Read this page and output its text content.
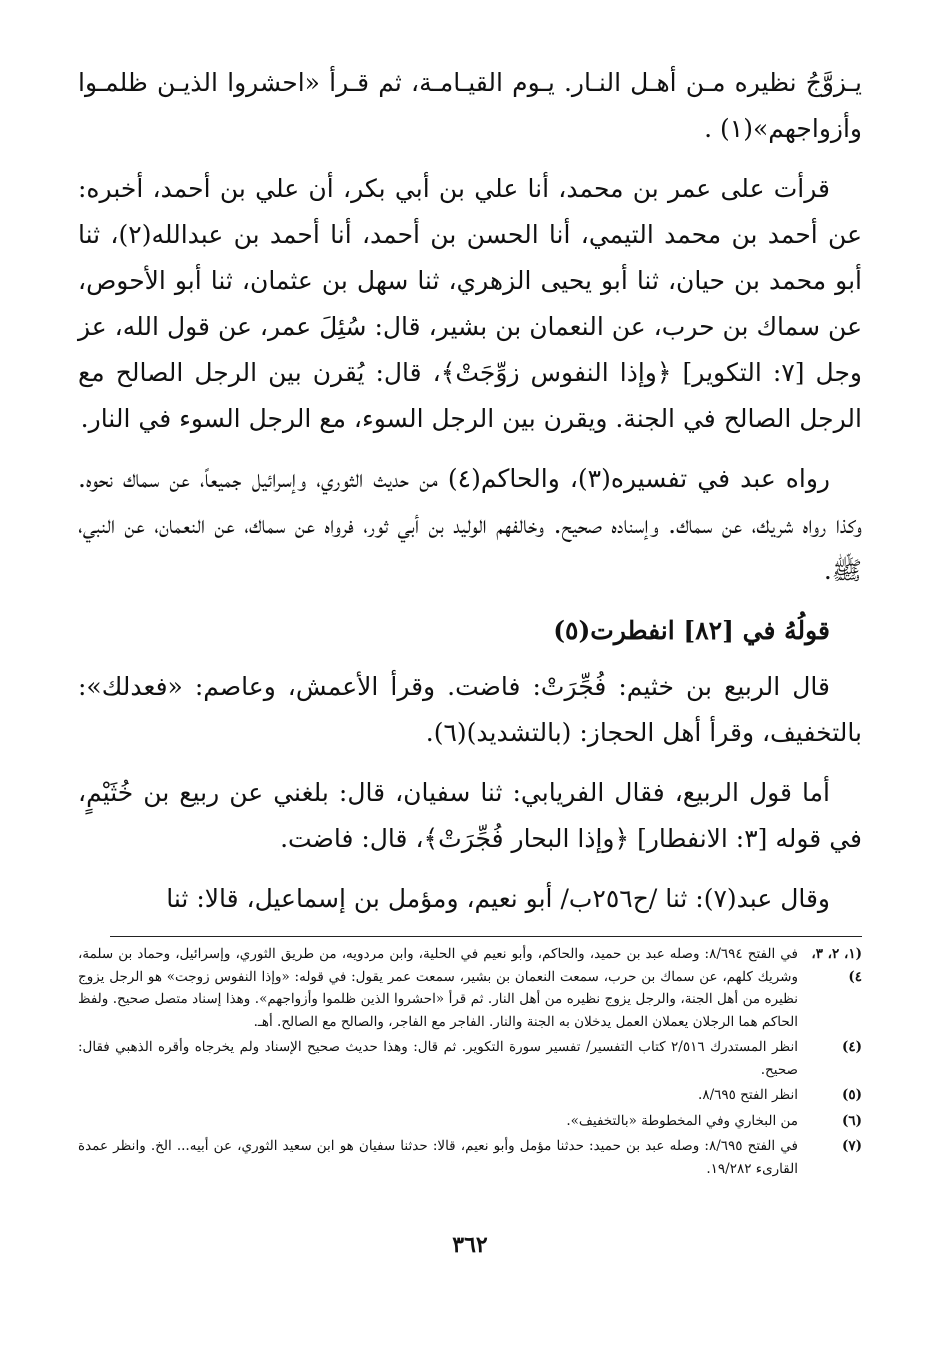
يـزوَّجُ نظيره مـن أهـل النـار. يـوم القيـامـة، ثم قـرأ «احشروا الذيـن ظلمـوا وأزواجهم»(١) .

قرأت على عمر بن محمد، أنا علي بن أبي بكر، أن علي بن أحمد، أخبره: عن أحمد بن محمد التيمي، أنا الحسن بن أحمد، أنا أحمد بن عبدالله(٢)، ثنا أبو محمد بن حيان، ثنا أبو يحيى الزهري، ثنا سهل بن عثمان، ثنا أبو الأحوص، عن سماك بن حرب، عن النعمان بن بشير، قال: سُئِلَ عمر، عن قول الله، عز وجل [٧: التكوير] ﴿وإذا النفوس زوِّجَتْ﴾، قال: يُقرن بين الرجل الصالح مع الرجل الصالح في الجنة. ويقرن بين الرجل السوء، مع الرجل السوء في النار.

رواه عبد في تفسيره(٣)، والحاكم(٤) من حديث الثوري، وإسرائيل جميعاً، عن سماك نحوه. وكذا رواه شريك، عن سماك. وإسناده صحيح. وخالفهم الوليد بن أبي ثور، فرواه عن سماك، عن النعمان، عن النبي، ﷺ.

قولُهُ في [٨٢] انفطرت(٥)

قال الربيع بن خثيم: فُجِّرَتْ: فاضت. وقرأ الأعمش، وعاصم: «فعدلك»: بالتخفيف، وقرأ أهل الحجاز: (بالتشديد)(٦).

أما قول الربيع، فقال الفريابي: ثنا سفيان، قال: بلغني عن ربيع بن خُثَيْمٍ، في قوله [٣: الانفطار] ﴿وإذا البحار فُجِّرَتْ﴾، قال: فاضت.

وقال عبد(٧): ثنا /ح٢٥٦ب/ أبو نعيم، ومؤمل بن إسماعيل، قالا: ثنا

(١، ٢، ٣، ٤)
في الفتح ٨/٦٩٤: وصله عبد بن حميد، والحاكم، وأبو نعيم في الحلية، وابن مردويه، من طريق الثوري، وإسرائيل، وحماد بن سلمة، وشريك كلهم، عن سماك بن حرب، سمعت النعمان بن بشير، سمعت عمر يقول: في قوله: «وإذا النفوس زوجت» هو الرجل يزوج نظيره من أهل الجنة، والرجل يزوج نظيره من أهل النار. ثم قرأ «احشروا الذين ظلموا وأزواجهم». وهذا إسناد متصل صحيح. ولفظ الحاكم هما الرجلان يعملان العمل يدخلان به الجنة والنار. الفاجر مع الفاجر، والصالح مع الصالح. أهـ.
(٤)
انظر المستدرك ٢/٥١٦ كتاب التفسير/ تفسير سورة التكوير. ثم قال: وهذا حديث صحيح الإسناد ولم يخرجاه وأقره الذهبي فقال: صحيح.
(٥)
انظر الفتح ٨/٦٩٥.
(٦)
من البخاري وفي المخطوطة «بالتخفيف».
(٧)
في الفتح ٨/٦٩٥: وصله عبد بن حميد: حدثنا مؤمل وأبو نعيم، قالا: حدثنا سفيان هو ابن سعيد الثوري، عن أبيه... الخ. وانظر عمدة القارىء ١٩/٢٨٢.
٣٦٢
